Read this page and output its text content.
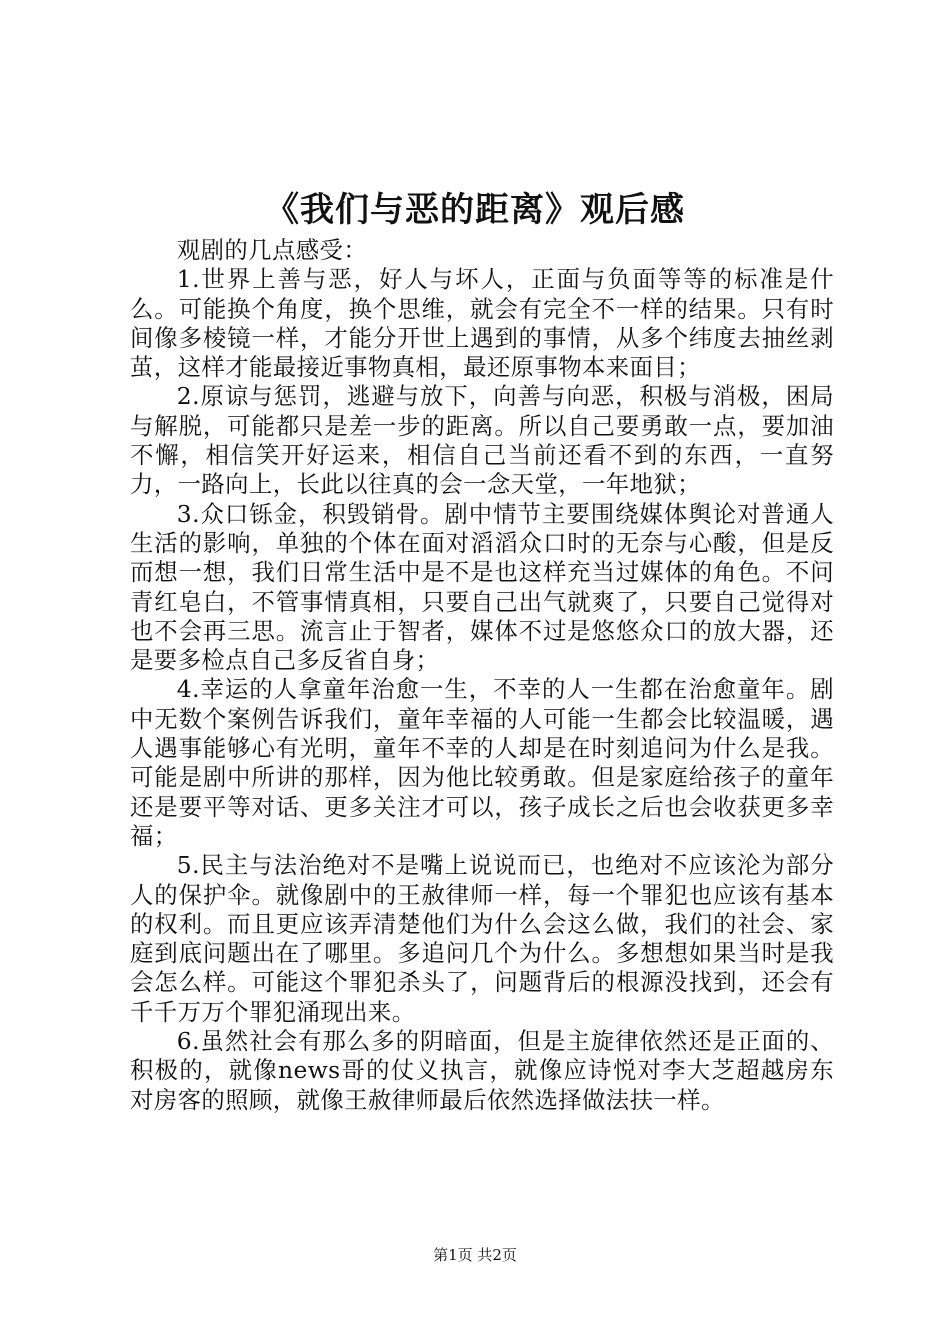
《我们与恶的距离》观后感

观剧的几点感受：

1.世界上善与恶，好人与坏人，正面与负面等等的标准是什么。可能换个角度，换个思维，就会有完全不一样的结果。只有时间像多棱镜一样，才能分开世上遇到的事情，从多个纬度去抽丝剥茧，这样才能最接近事物真相，最还原事物本来面目；

2.原谅与惩罚，逃避与放下，向善与向恶，积极与消极，困局与解脱，可能都只是差一步的距离。所以自己要勇敢一点，要加油不懈，相信笑开好运来，相信自己当前还看不到的东西，一直努力，一路向上，长此以往真的会一念天堂，一年地狱；

3.众口铄金，积毁销骨。剧中情节主要围绕媒体舆论对普通人生活的影响，单独的个体在面对滔滔众口时的无奈与心酸，但是反而想一想，我们日常生活中是不是也这样充当过媒体的角色。不问青红皂白，不管事情真相，只要自己出气就爽了，只要自己觉得对也不会再三思。流言止于智者，媒体不过是悠悠众口的放大器，还是要多检点自己多反省自身；

4.幸运的人拿童年治愈一生，不幸的人一生都在治愈童年。剧中无数个案例告诉我们，童年幸福的人可能一生都会比较温暖，遇人遇事能够心有光明，童年不幸的人却是在时刻追问为什么是我。可能是剧中所讲的那样，因为他比较勇敢。但是家庭给孩子的童年还是要平等对话、更多关注才可以，孩子成长之后也会收获更多幸福；

5.民主与法治绝对不是嘴上说说而已，也绝对不应该沦为部分人的保护伞。就像剧中的王赦律师一样，每一个罪犯也应该有基本的权利。而且更应该弄清楚他们为什么会这么做，我们的社会、家庭到底问题出在了哪里。多追问几个为什么。多想想如果当时是我会怎么样。可能这个罪犯杀头了，问题背后的根源没找到，还会有千千万万个罪犯涌现出来。

6.虽然社会有那么多的阴暗面，但是主旋律依然还是正面的、积极的，就像news哥的仗义执言，就像应诗悦对李大芝超越房东对房客的照顾，就像王赦律师最后依然选择做法扶一样。

第1页 共2页
